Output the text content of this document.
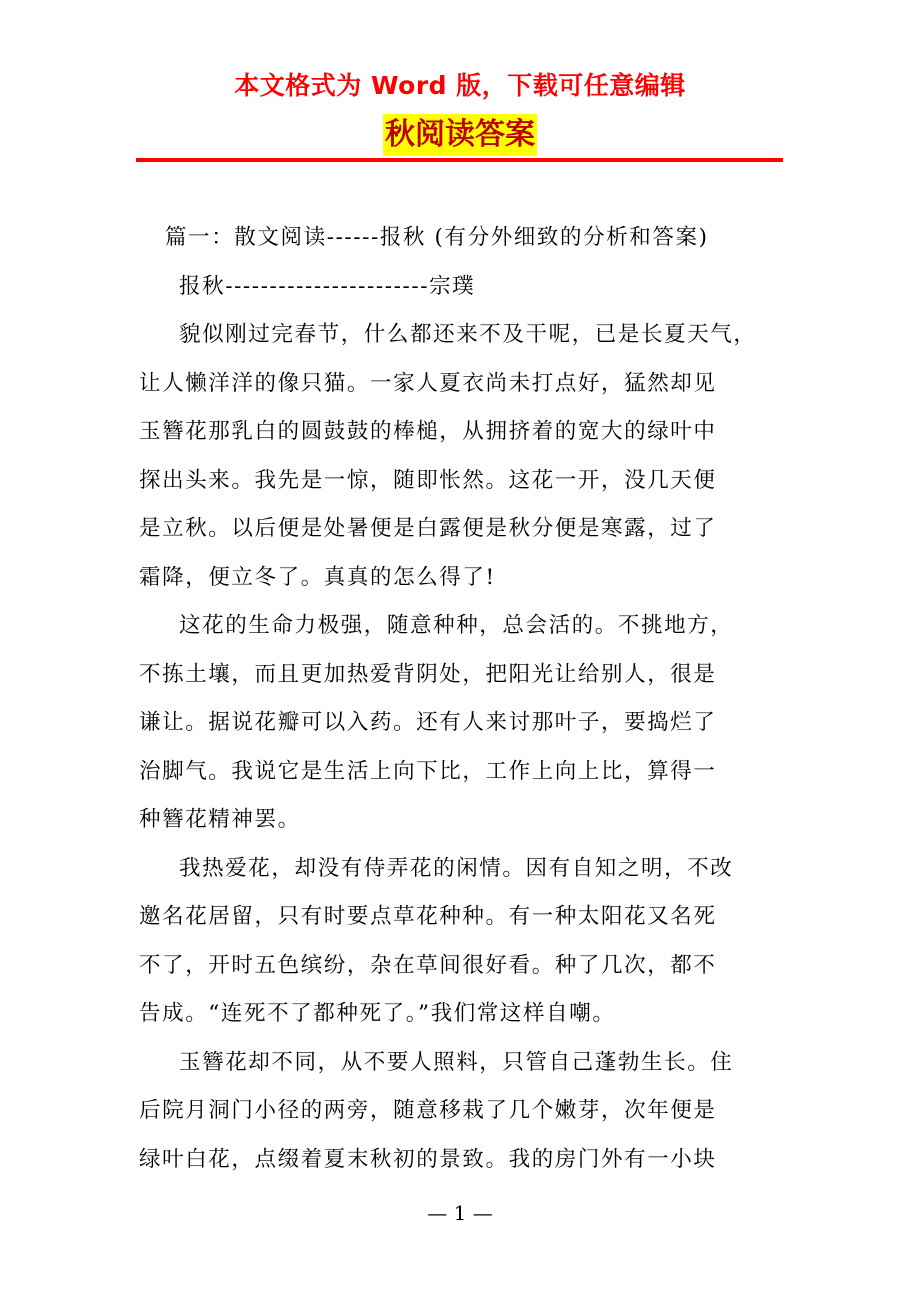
本文格式为 Word 版，下载可任意编辑
秋阅读答案
篇一：散文阅读------报秋 (有分外细致的分析和答案)
报秋-----------------------宗璞
貌似刚过完春节，什么都还来不及干呢，已是长夏天气，
让人懒洋洋的像只猫。一家人夏衣尚未打点好，猛然却见
玉簪花那乳白的圆鼓鼓的棒槌，从拥挤着的宽大的绿叶中
探出头来。我先是一惊，随即怅然。这花一开，没几天便
是立秋。以后便是处暑便是白露便是秋分便是寒露，过了
霜降，便立冬了。真真的怎么得了!
这花的生命力极强，随意种种，总会活的。不挑地方，
不拣土壤，而且更加热爱背阴处，把阳光让给别人，很是
谦让。据说花瓣可以入药。还有人来讨那叶子，要捣烂了
治脚气。我说它是生活上向下比，工作上向上比，算得一
种簪花精神罢。
我热爱花，却没有侍弄花的闲情。因有自知之明，不改
邀名花居留，只有时要点草花种种。有一种太阳花又名死
不了，开时五色缤纷，杂在草间很好看。种了几次，都不
告成。“连死不了都种死了。”我们常这样自嘲。
玉簪花却不同，从不要人照料，只管自己蓬勃生长。住
后院月洞门小径的两旁，随意移栽了几个嫩芽，次年便是
绿叶白花，点缀着夏末秋初的景致。我的房门外有一小块
— 1 —
